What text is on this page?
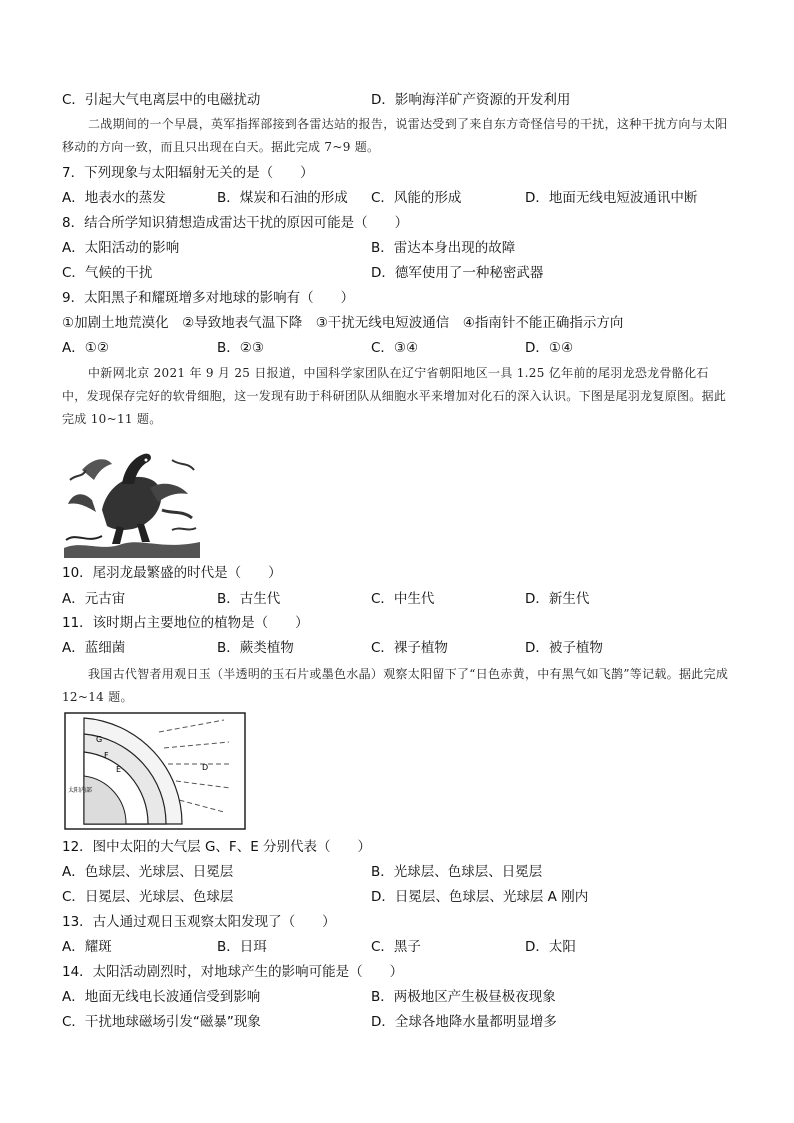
C．引起大气电离层中的电磁扰动	D．影响海洋矿产资源的开发利用
二战期间的一个早晨，英军指挥部接到各雷达站的报告，说雷达受到了来自东方奇怪信号的干扰，这种干扰方向与太阳移动的方向一致，而且只出现在白天。据此完成 7~9 题。
7．下列现象与太阳辐射无关的是（　　）
A．地表水的蒸发	B．煤炭和石油的形成 C．风能的形成	D．地面无线电短波通讯中断
8．结合所学知识猜想造成雷达干扰的原因可能是（　　）
A．太阳活动的影响	B．雷达本身出现的故障
C．气候的干扰	D．德军使用了一种秘密武器
9．太阳黑子和耀斑增多对地球的影响有（　　）
①加剧土地荒漠化　②导致地表气温下降　③干扰无线电短波通信　④指南针不能正确指示方向
A．①②	B．②③	C．③④	D．①④
中新网北京 2021 年 9 月 25 日报道，中国科学家团队在辽宁省朝阳地区一具 1.25 亿年前的尾羽龙恐龙骨骼化石中，发现保存完好的软骨细胞，这一发现有助于科研团队从细胞水平来增加对化石的深入认识。下图是尾羽龙复原图。据此完成 10~11 题。
10．尾羽龙最繁盛的时代是（　　）
A．元古宙	B．古生代	C．中生代	D．新生代
11．该时期占主要地位的植物是（　　）
A．蓝细菌	B．蕨类植物	C．裸子植物	D．被子植物
我国古代智者用观日玉（半透明的玉石片或墨色水晶）观察太阳留下了“日色赤黄，中有黑气如飞鹊”等记载。据此完成 12~14 题。
G
F
E	D
太阳内部
12．图中太阳的大气层 G、F、E 分别代表（　　）
A．色球层、光球层、日冕层	B．光球层、色球层、日冕层
C．日冕层、光球层、色球层	D．日冕层、色球层、光球层 A 刚内
13．古人通过观日玉观察太阳发现了（　　）
A．耀斑	B．日珥	C．黑子	D．太阳
14．太阳活动剧烈时，对地球产生的影响可能是（　　）
A．地面无线电长波通信受到影响	B．两极地区产生极昼极夜现象
C．干扰地球磁场引发“磁暴”现象	D．全球各地降水量都明显增多
